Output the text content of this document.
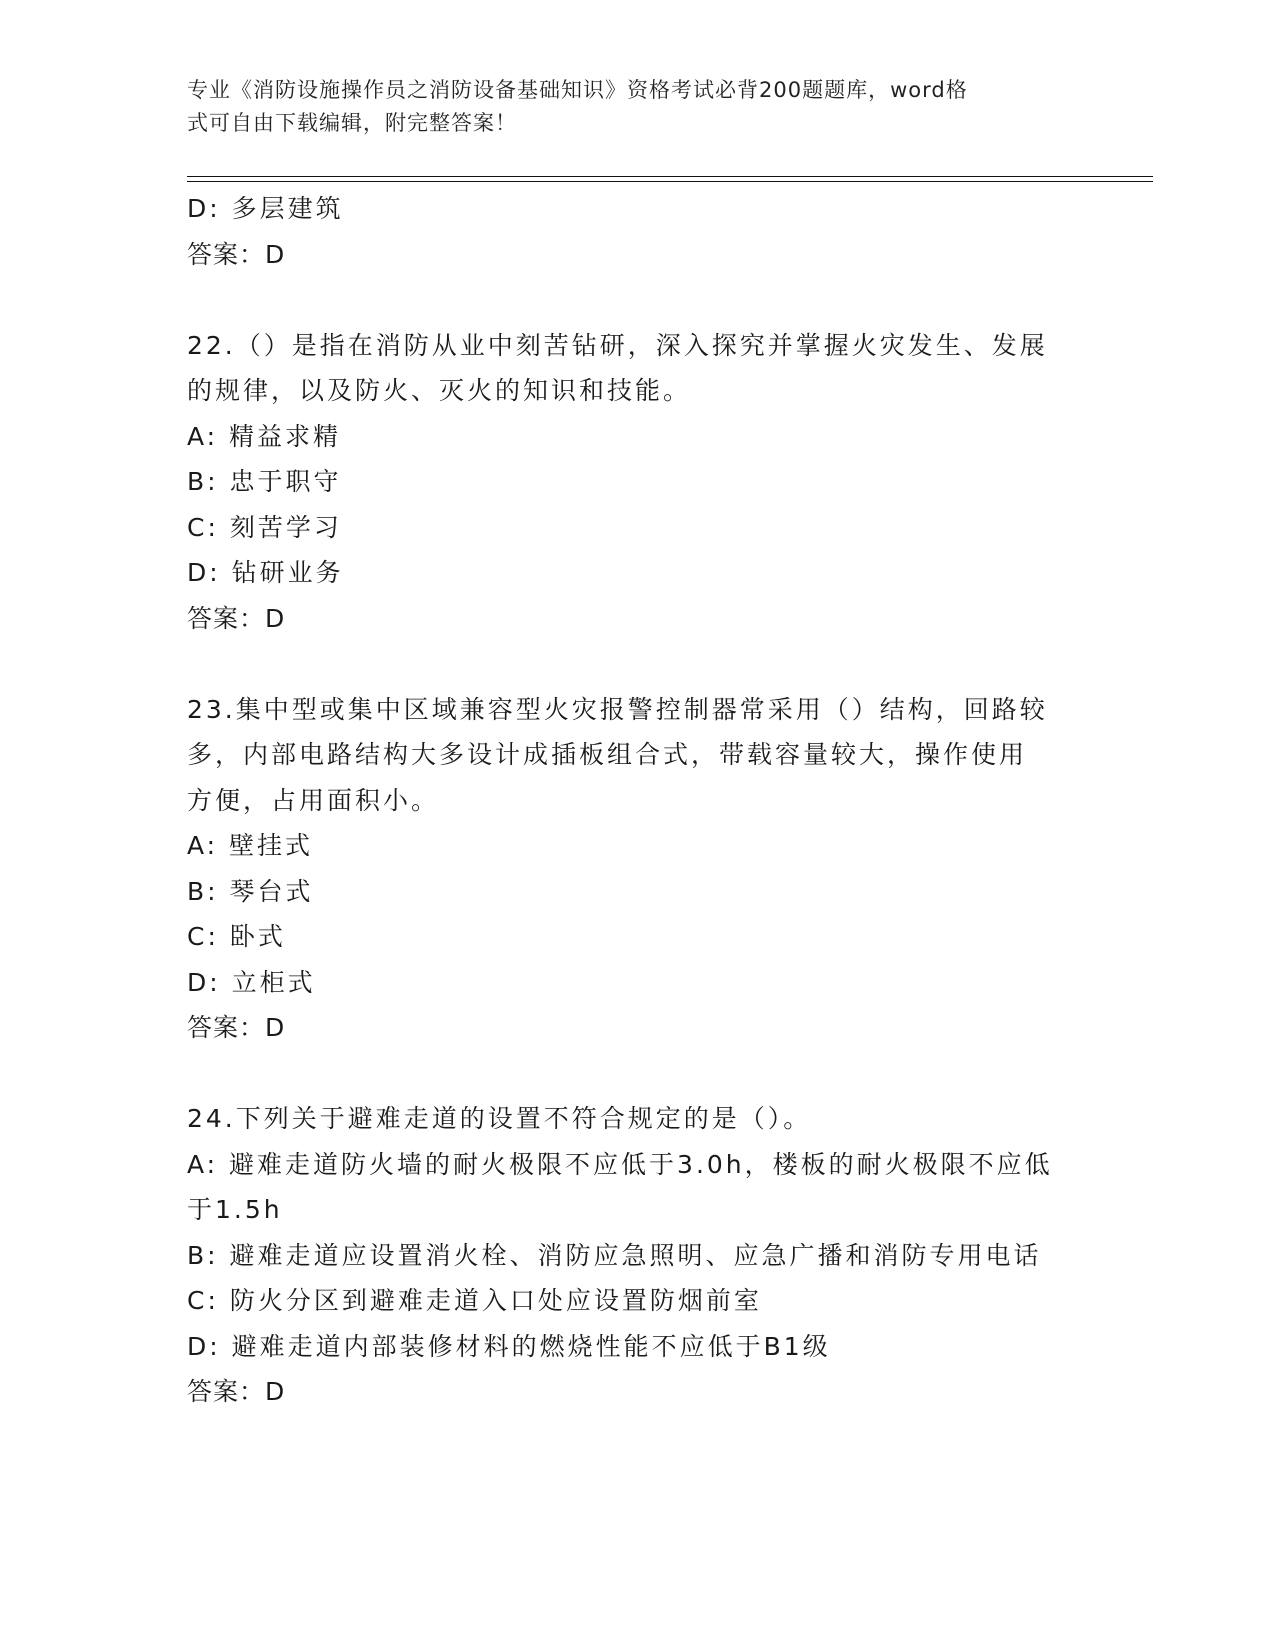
专业《消防设施操作员之消防设备基础知识》资格考试必背200题题库，word格
式可自由下载编辑，附完整答案！
D: 多层建筑
答案：D
22.（）是指在消防从业中刻苦钻研，深入探究并掌握火灾发生、发展
的规律，以及防火、灭火的知识和技能。
A: 精益求精
B: 忠于职守
C: 刻苦学习
D: 钻研业务
答案：D
23.集中型或集中区域兼容型火灾报警控制器常采用（）结构，回路较
多，内部电路结构大多设计成插板组合式，带载容量较大，操作使用
方便，占用面积小。
A: 壁挂式
B: 琴台式
C: 卧式
D: 立柜式
答案：D
24.下列关于避难走道的设置不符合规定的是（）。
A: 避难走道防火墙的耐火极限不应低于3.0h，楼板的耐火极限不应低
于1.5h
B: 避难走道应设置消火栓、消防应急照明、应急广播和消防专用电话
C: 防火分区到避难走道入口处应设置防烟前室
D: 避难走道内部装修材料的燃烧性能不应低于B1级
答案：D
